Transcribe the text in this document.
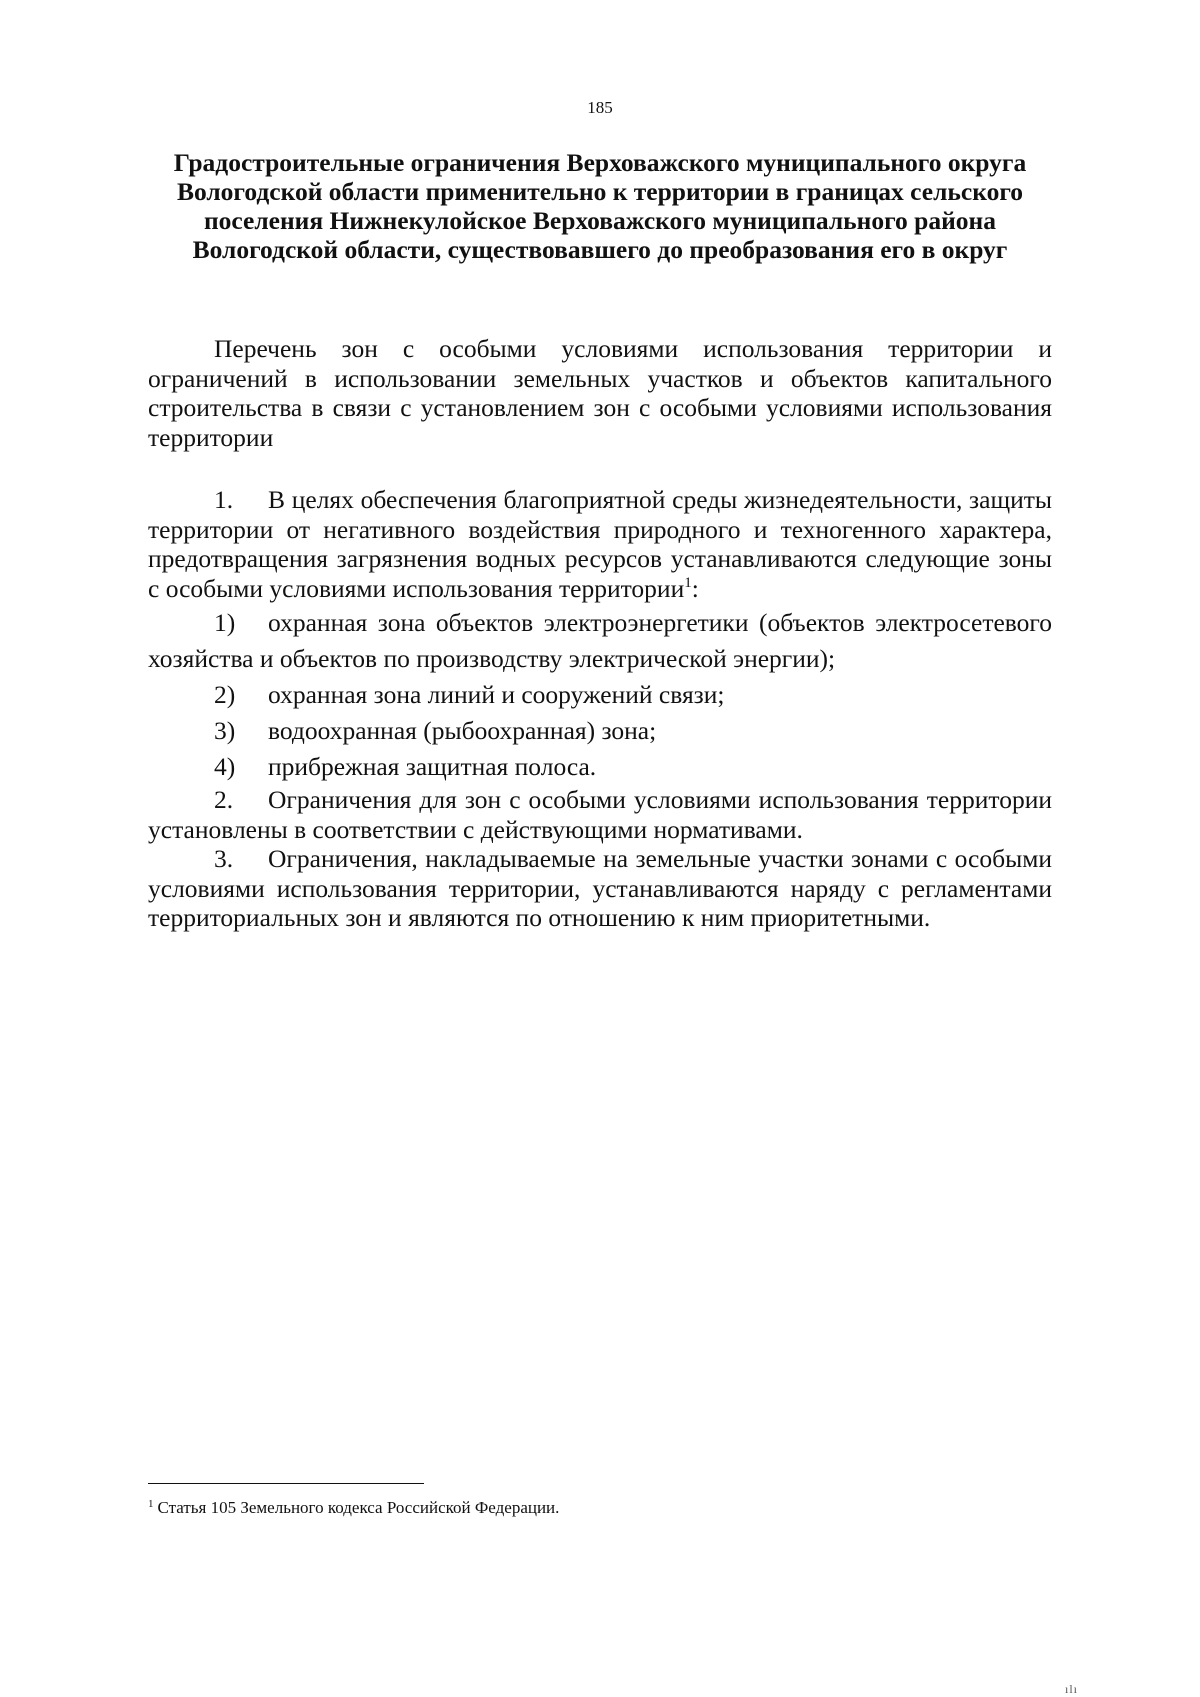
185
Градостроительные ограничения Верховажского муниципального округа Вологодской области применительно к территории в границах сельского поселения Нижнекулойское Верховажского муниципального района Вологодской области, существовавшего до преобразования его в округ

Перечень зон с особыми условиями использования территории и ограничений в использовании земельных участков и объектов капитального строительства в связи с установлением зон с особыми условиями использования территории

1. В целях обеспечения благоприятной среды жизнедеятельности, защиты территории от негативного воздействия природного и техногенного характера, предотвращения загрязнения водных ресурсов устанавливаются следующие зоны с особыми условиями использования территории$^1$:

1) охранная зона объектов электроэнергетики (объектов электросетевого хозяйства и объектов по производству электрической энергии);

2) охранная зона линий и сооружений связи;

3) водоохранная (рыбоохранная) зона;

4) прибрежная защитная полоса.

2. Ограничения для зон с особыми условиями использования территории установлены в соответствии с действующими нормативами.

3. Ограничения, накладываемые на земельные участки зонами с особыми условиями использования территории, устанавливаются наряду с регламентами территориальных зон и являются по отношению к ним приоритетными.

$^1$ Статья 105 Земельного кодекса Российской Федерации.
ılı
